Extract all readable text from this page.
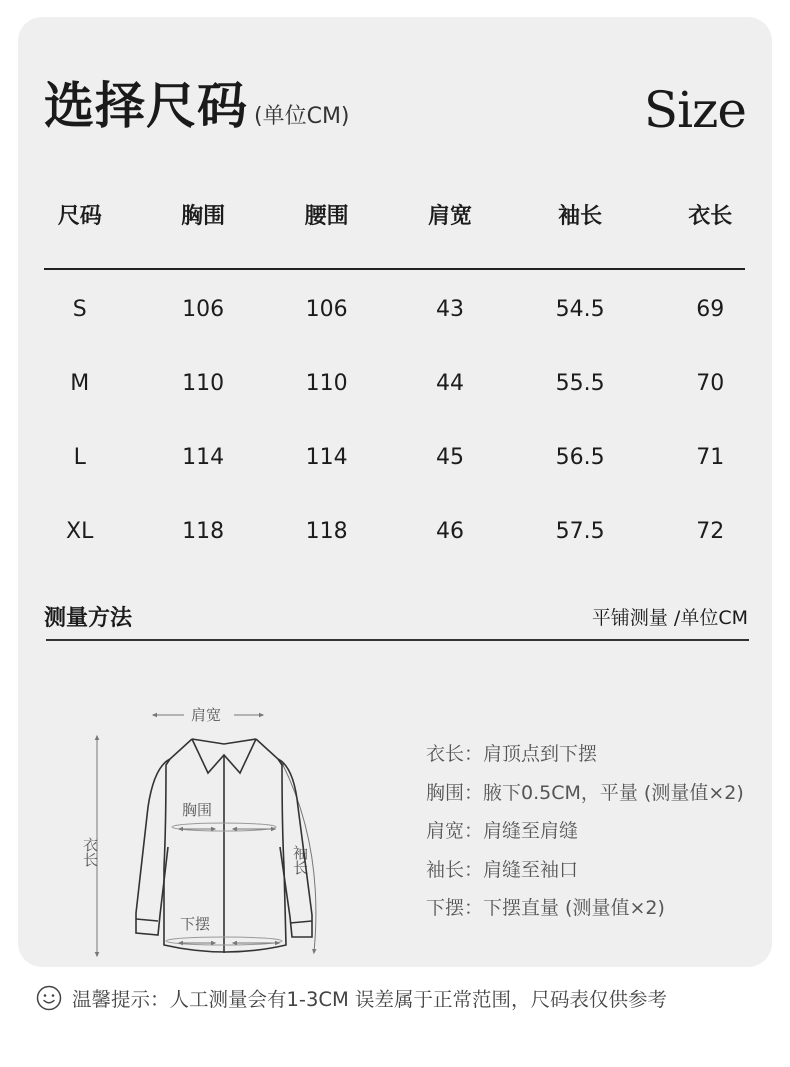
选择尺码 (单位CM)	Size
尺码	胸围	腰围	肩宽	袖长	衣长
S	106	106	43	54.5	69
M	110	110	44	55.5	70
L	114	114	45	56.5	71
XL	118	118	46	57.5	72
测量方法	平铺测量 /单位CM
肩宽
衣长	袖长
胸围
下摆
衣长：肩顶点到下摆
胸围：腋下0.5CM，平量 (测量值×2)
肩宽：肩缝至肩缝
袖长：肩缝至袖口
下摆：下摆直量 (测量值×2)
温馨提示：人工测量会有1-3CM 误差属于正常范围，尺码表仅供参考
